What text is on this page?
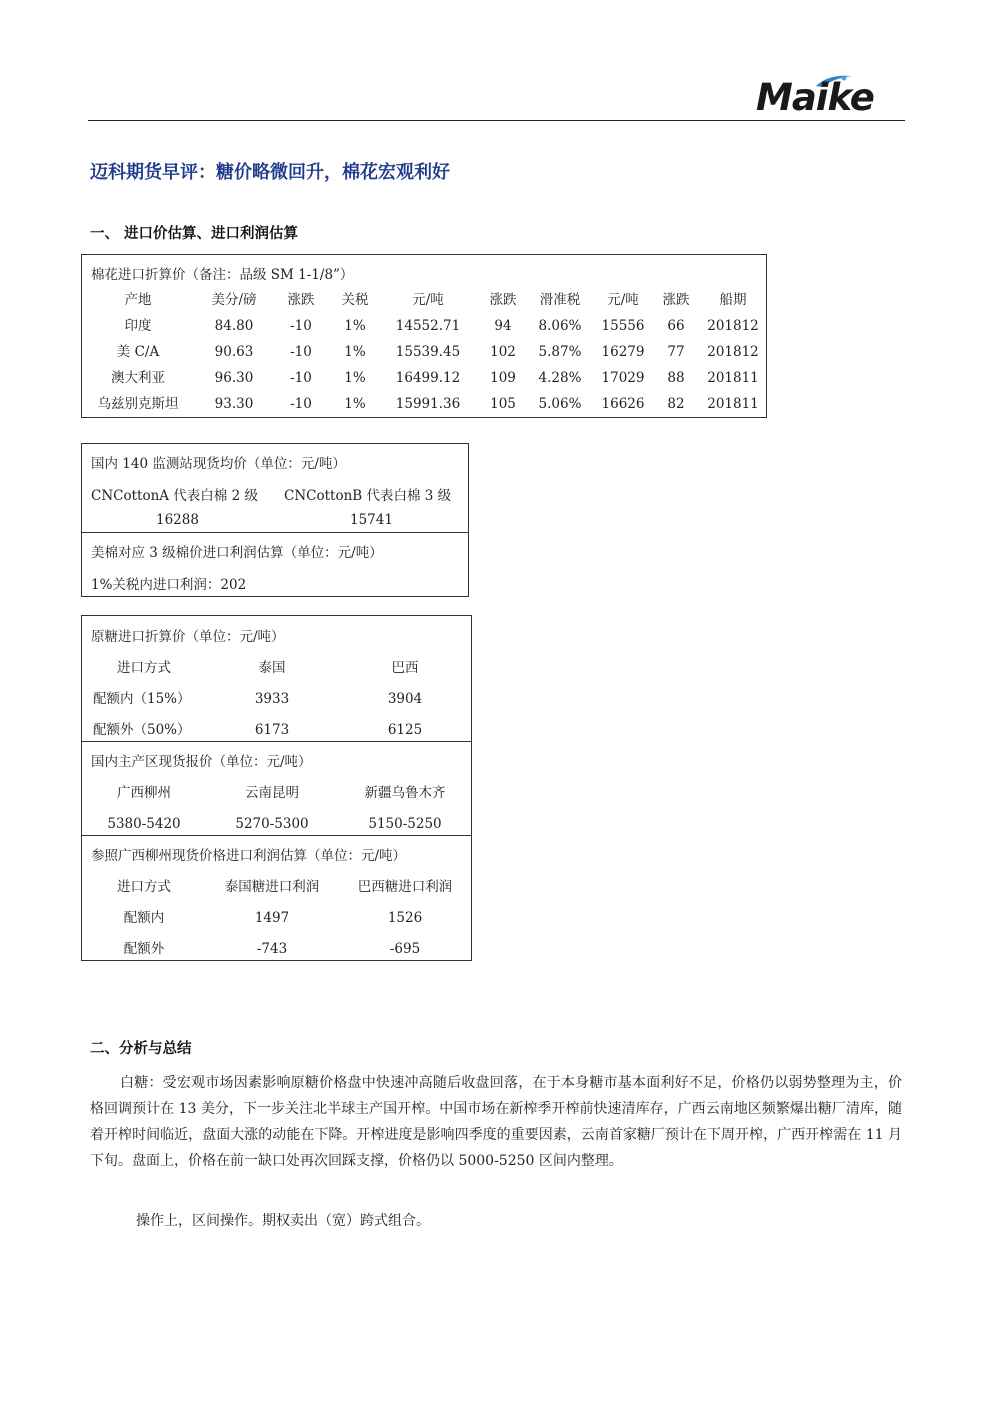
Maike
迈科期货早评：糖价略微回升，棉花宏观利好
一、 进口价估算、进口利润估算
棉花进口折算价（备注：品级 SM 1-1/8”）
产地	美分/磅 涨跌 关税	元/吨	涨跌 滑准税 元/吨 涨跌 船期
印度	84.80	-10 1% 14552.71	94 8.06% 15556 66 201812
美 C/A	90.63	-10 1% 15539.45 102 5.87% 16279 77 201812
澳大利亚	96.30	-10 1% 16499.12 109 4.28% 17029 88 201811
乌兹别克斯坦	93.30	-10 1% 15991.36 105 5.06% 16626 82 201811
国内 140 监测站现货均价（单位：元/吨）
CNCottonA 代表白棉 2 级 CNCottonB 代表白棉 3 级
16288	15741
美棉对应 3 级棉价进口利润估算（单位：元/吨）
1%关税内进口利润：202
原糖进口折算价（单位：元/吨）
进口方式	泰国	巴西
配额内（15%）	3933	3904
配额外（50%）	6173	6125
国内主产区现货报价（单位：元/吨）
广西柳州	云南昆明	新疆乌鲁木齐
5380-5420	5270-5300	5150-5250
参照广西柳州现货价格进口利润估算（单位：元/吨）
进口方式	泰国糖进口利润	巴西糖进口利润
配额内	1497	1526
配额外	-743	-695
二、分析与总结

白糖：受宏观市场因素影响原糖价格盘中快速冲高随后收盘回落，在于本身糖市基本面利好不足，价格仍以弱势整理为主，价格回调预计在 13 美分，下一步关注北半球主产国开榨。中国市场在新榨季开榨前快速清库存，广西云南地区频繁爆出糖厂清库，随着开榨时间临近，盘面大涨的动能在下降。开榨进度是影响四季度的重要因素，云南首家糖厂预计在下周开榨，广西开榨需在 11 月下旬。盘面上，价格在前一缺口处再次回踩支撑，价格仍以 5000-5250 区间内整理。

操作上，区间操作。期权卖出（宽）跨式组合。
